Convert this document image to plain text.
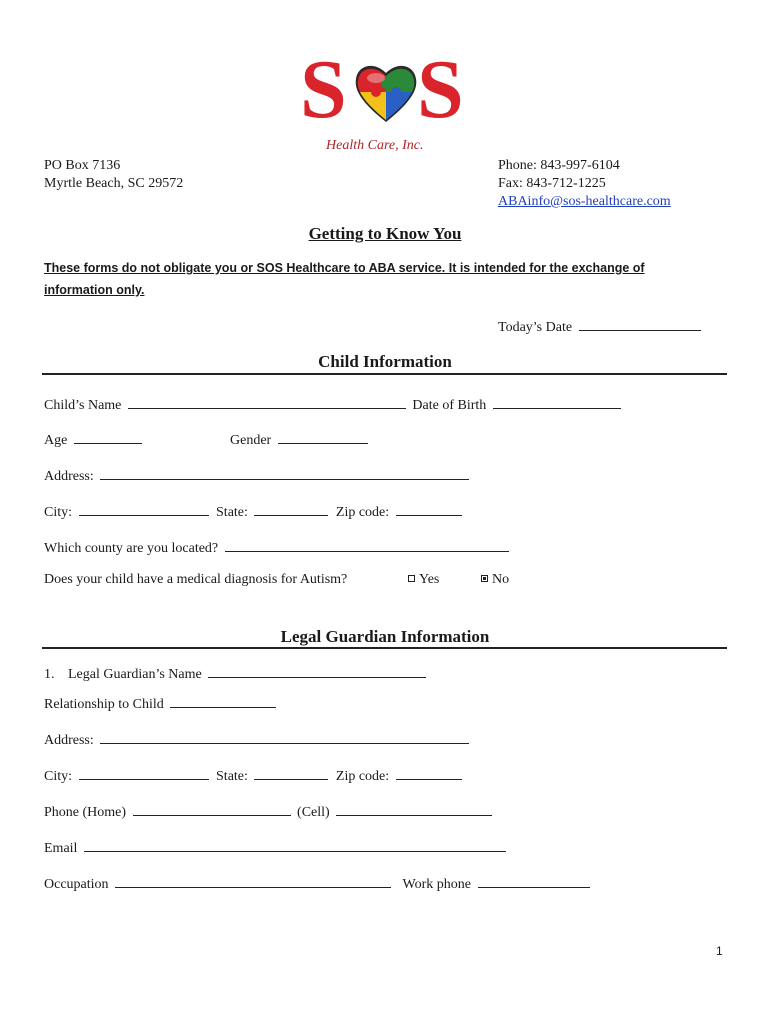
S S
Health Care, Inc.
PO Box 7136
Myrtle Beach, SC 29572
Phone: 843-997-6104
Fax: 843-712-1225
ABAinfo@sos-healthcare.com
Getting to Know You
These forms do not obligate you or SOS Healthcare to ABA service. It is intended for the exchange of
information only.
Today’s Date
Child Information
Child’s Name	Date of Birth
Age	Gender
Address:
City:	State:	Zip code:
Which county are you located?
Does your child have a medical diagnosis for Autism?	Yes	No
Legal Guardian Information
1. Legal Guardian’s Name
Relationship to Child
Address:
City:	State:	Zip code:
Phone (Home)	(Cell)
Email
Occupation	Work phone
1
